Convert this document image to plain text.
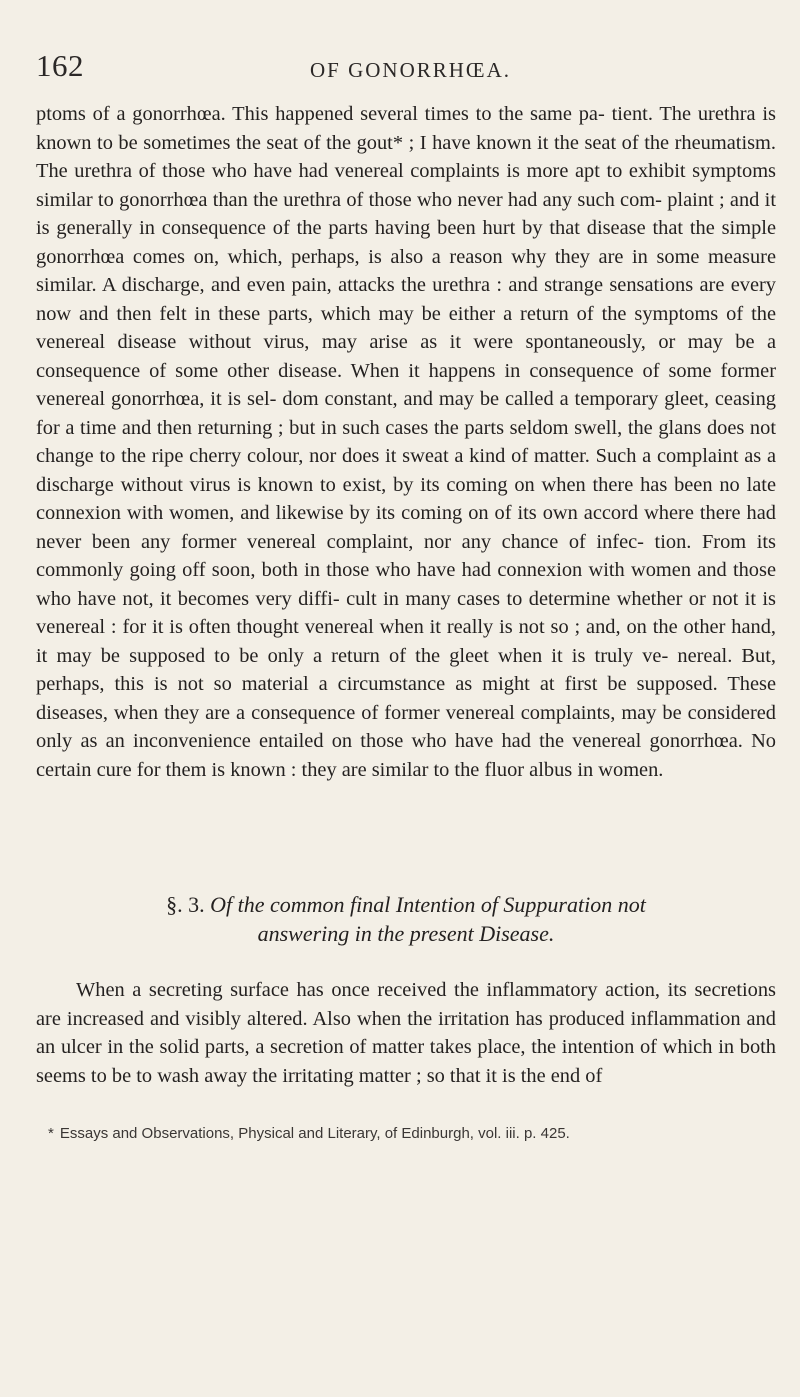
162	OF GONORRHŒA.

ptoms of a gonorrhœa. This happened several times to the same pa- tient. The urethra is known to be sometimes the seat of the gout* ; I have known it the seat of the rheumatism. The urethra of those who have had venereal complaints is more apt to exhibit symptoms similar to gonorrhœa than the urethra of those who never had any such com- plaint ; and it is generally in consequence of the parts having been hurt by that disease that the simple gonorrhœa comes on, which, perhaps, is also a reason why they are in some measure similar. A discharge, and even pain, attacks the urethra : and strange sensations are every now and then felt in these parts, which may be either a return of the symptoms of the venereal disease without virus, may arise as it were spontaneously, or may be a consequence of some other disease. When it happens in consequence of some former venereal gonorrhœa, it is sel- dom constant, and may be called a temporary gleet, ceasing for a time and then returning ; but in such cases the parts seldom swell, the glans does not change to the ripe cherry colour, nor does it sweat a kind of matter. Such a complaint as a discharge without virus is known to exist, by its coming on when there has been no late connexion with women, and likewise by its coming on of its own accord where there had never been any former venereal complaint, nor any chance of infec- tion. From its commonly going off soon, both in those who have had connexion with women and those who have not, it becomes very diffi- cult in many cases to determine whether or not it is venereal : for it is often thought venereal when it really is not so ; and, on the other hand, it may be supposed to be only a return of the gleet when it is truly ve- nereal. But, perhaps, this is not so material a circumstance as might at first be supposed. These diseases, when they are a consequence of former venereal complaints, may be considered only as an inconvenience entailed on those who have had the venereal gonorrhœa. No certain cure for them is known : they are similar to the fluor albus in women.

§. 3. Of the common final Intention of Suppuration not
answering in the present Disease.

When a secreting surface has once received the inflammatory action, its secretions are increased and visibly altered. Also when the irritation has produced inflammation and an ulcer in the solid parts, a secretion of matter takes place, the intention of which in both seems to be to wash away the irritating matter ; so that it is the end of

* Essays and Observations, Physical and Literary, of Edinburgh, vol. iii. p. 425.
